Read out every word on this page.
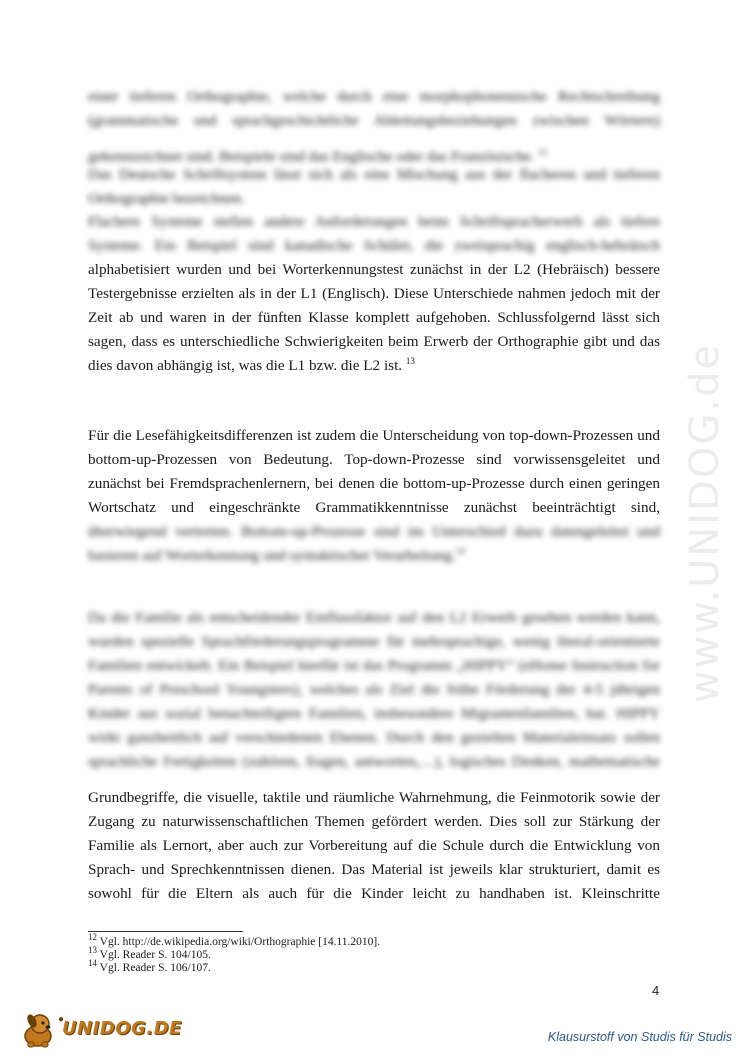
www.UNIDOG.de
einer tieferen Orthographie, welche durch eine morphophonemische Rechtschreibung
(grammatische und sprachgeschichtliche Ableitungsbeziehungen zwischen Wörtern)
gekennzeichnet sind. Beispiele sind das Englische oder das Französische. $^{12}$
Das Deutsche Schriftsystem lässt sich als eine Mischung aus der flacheren und tieferen
Orthographie bezeichnen.
Flachere Systeme stellen andere Anforderungen beim Schriftspracherwerb als tiefere
Systeme. Ein Beispiel sind kanadische Schüler, die zweisprachig englisch-hebräisch
alphabetisiert wurden und bei Worterkennungstest zunächst in der L2 (Hebräisch) bessere
Testergebnisse erzielten als in der L1 (Englisch). Diese Unterschiede nahmen jedoch mit der
Zeit ab und waren in der fünften Klasse komplett aufgehoben. Schlussfolgernd lässt sich
sagen, dass es unterschiedliche Schwierigkeiten beim Erwerb der Orthographie gibt und das
dies davon abhängig ist, was die L1 bzw. die L2 ist. $^{13}$
Für die Lesefähigkeitsdifferenzen ist zudem die Unterscheidung von top-down-Prozessen und
bottom-up-Prozessen von Bedeutung. Top-down-Prozesse sind vorwissensgeleitet und
zunächst bei Fremdsprachenlernern, bei denen die bottom-up-Prozesse durch einen geringen
Wortschatz und eingeschränkte Grammatikkenntnisse zunächst beeinträchtigt sind,
überwiegend vertreten. Bottom-up-Prozesse sind im Unterschied dazu datengeleitet und
basieren auf Worterkennung und syntaktischer Verarbeitung.$^{14}$
Da die Familie als entscheidender Einflussfaktor auf den L2 Erwerb gesehen werden kann,
wurden spezielle Sprachförderungsprogramme für mehrsprachige, wenig literal-orientierte
Familien entwickelt. Ein Beispiel hierfür ist das Programm „HIPPY“ (eHome Instruction for
Parents of Preschool Youngsters), welches als Ziel die frühe Förderung der 4-5 jährigen
Kinder aus sozial benachteiligten Familien, insbesondere Migrantenfamilien, hat. HIPPY
wirkt ganzheitlich auf verschiedenen Ebenen. Durch den gezielten Materialeinsatz sollen
sprachliche Fertigkeiten (zuhören, fragen, antworten,…), logisches Denken, mathematische
Grundbegriffe, die visuelle, taktile und räumliche Wahrnehmung, die Feinmotorik sowie der
Zugang zu naturwissenschaftlichen Themen gefördert werden. Dies soll zur Stärkung der
Familie als Lernort, aber auch zur Vorbereitung auf die Schule durch die Entwicklung von
Sprach- und Sprechkenntnissen dienen. Das Material ist jeweils klar strukturiert, damit es
sowohl für die Eltern als auch für die Kinder leicht zu handhaben ist. Kleinschritte
$^{12}$ Vgl. http://de.wikipedia.org/wiki/Orthographie [14.11.2010].
$^{13}$ Vgl. Reader S. 104/105.
$^{14}$ Vgl. Reader S. 106/107.
4
●
UNIDOG.DE	Klausurstoff von Studis für Studis
